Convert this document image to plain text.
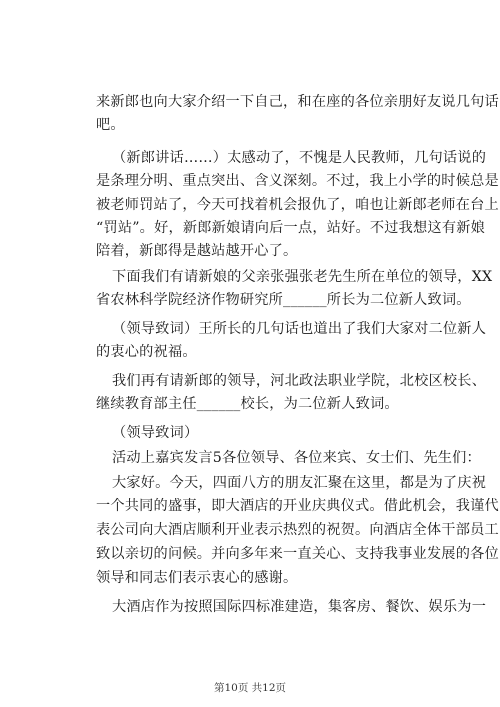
来新郎也向大家介绍一下自己，和在座的各位亲朋好友说几句话
吧。
（新郎讲话……）太感动了，不愧是人民教师，几句话说的
是条理分明、重点突出、含义深刻。不过，我上小学的时候总是
被老师罚站了，今天可找着机会报仇了，咱也让新郎老师在台上
“罚站”。好，新郎新娘请向后一点，站好。不过我想这有新娘
陪着，新郎得是越站越开心了。
下面我们有请新娘的父亲张强张老先生所在单位的领导，XX
省农林科学院经济作物研究所______所长为二位新人致词。
（领导致词）王所长的几句话也道出了我们大家对二位新人
的衷心的祝福。
我们再有请新郎的领导，河北政法职业学院，北校区校长、
继续教育部主任______校长，为二位新人致词。
（领导致词）
活动上嘉宾发言5各位领导、各位来宾、女士们、先生们：
大家好。今天，四面八方的朋友汇聚在这里，都是为了庆祝
一个共同的盛事，即大酒店的开业庆典仪式。借此机会，我谨代
表公司向大酒店顺利开业表示热烈的祝贺。向酒店全体干部员工
致以亲切的问候。并向多年来一直关心、支持我事业发展的各位
领导和同志们表示衷心的感谢。
大酒店作为按照国际四标准建造，集客房、餐饮、娱乐为一
第10页 共12页
